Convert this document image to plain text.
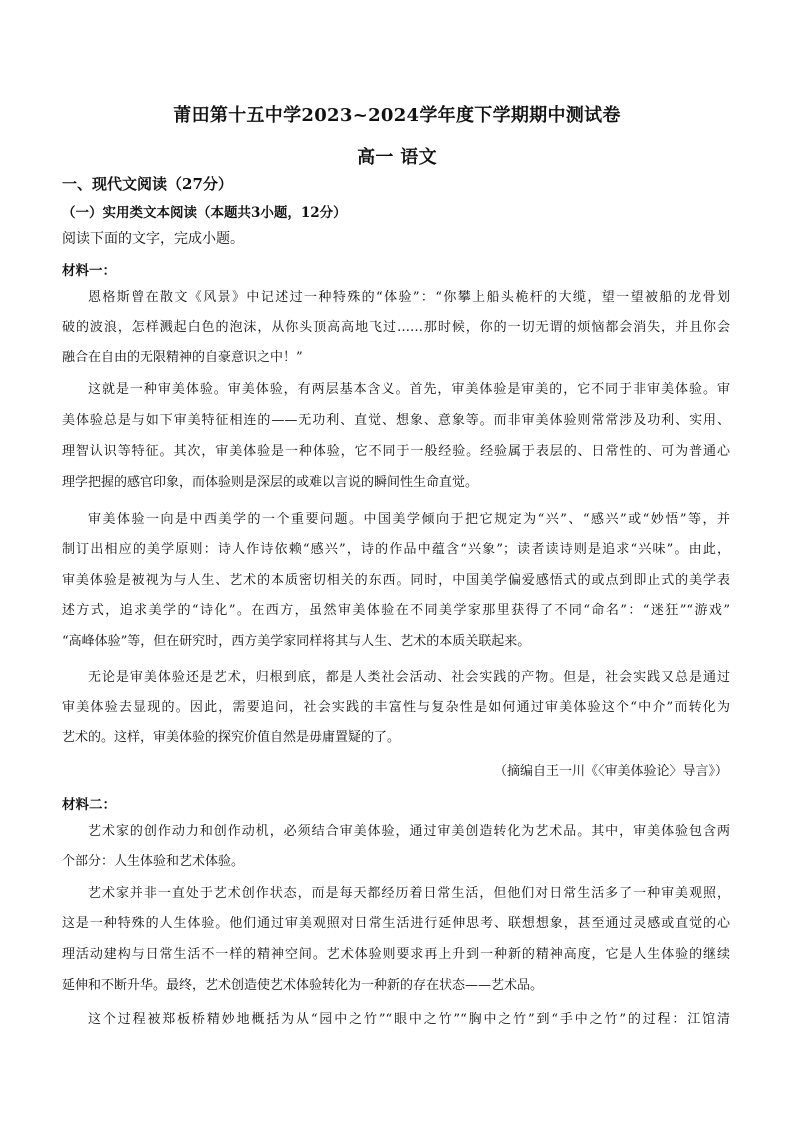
莆田第十五中学2023~2024学年度下学期期中测试卷
高一 语文
一、现代文阅读（27分）
（一）实用类文本阅读（本题共3小题，12分）
阅读下面的文字，完成小题。
材料一：
恩格斯曾在散文《风景》中记述过一种特殊的“体验”：“你攀上船头桅杆的大缆，望一望被船的龙骨划
破的波浪，怎样溅起白色的泡沫，从你头顶高高地飞过……那时候，你的一切无谓的烦恼都会消失，并且你会
融合在自由的无限精神的自豪意识之中！”
这就是一种审美体验。审美体验，有两层基本含义。首先，审美体验是审美的，它不同于非审美体验。审
美体验总是与如下审美特征相连的——无功利、直觉、想象、意象等。而非审美体验则常常涉及功利、实用、
理智认识等特征。其次，审美体验是一种体验，它不同于一般经验。经验属于表层的、日常性的、可为普通心
理学把握的感官印象，而体验则是深层的或难以言说的瞬间性生命直觉。
审美体验一向是中西美学的一个重要问题。中国美学倾向于把它规定为“兴”、“感兴”或“妙悟”等，并
制订出相应的美学原则：诗人作诗依赖“感兴”，诗的作品中蕴含“兴象”；读者读诗则是追求“兴味”。由此，
审美体验是被视为与人生、艺术的本质密切相关的东西。同时，中国美学偏爱感悟式的或点到即止式的美学表
述方式，追求美学的“诗化”。在西方，虽然审美体验在不同美学家那里获得了不同“命名”：“迷狂”“游戏”
“高峰体验”等，但在研究时，西方美学家同样将其与人生、艺术的本质关联起来。
无论是审美体验还是艺术，归根到底，都是人类社会活动、社会实践的产物。但是，社会实践又总是通过
审美体验去显现的。因此，需要追问，社会实践的丰富性与复杂性是如何通过审美体验这个“中介”而转化为
艺术的。这样，审美体验的探究价值自然是毋庸置疑的了。
（摘编自王一川《〈审美体验论〉导言》）
材料二：
艺术家的创作动力和创作动机，必须结合审美体验，通过审美创造转化为艺术品。其中，审美体验包含两
个部分：人生体验和艺术体验。
艺术家并非一直处于艺术创作状态，而是每天都经历着日常生活，但他们对日常生活多了一种审美观照，
这是一种特殊的人生体验。他们通过审美观照对日常生活进行延伸思考、联想想象，甚至通过灵感或直觉的心
理活动建构与日常生活不一样的精神空间。艺术体验则要求再上升到一种新的精神高度，它是人生体验的继续
延伸和不断升华。最终，艺术创造使艺术体验转化为一种新的存在状态——艺术品。
这个过程被郑板桥精妙地概括为从“园中之竹”“眼中之竹”“胸中之竹”到“手中之竹”的过程：江馆清
